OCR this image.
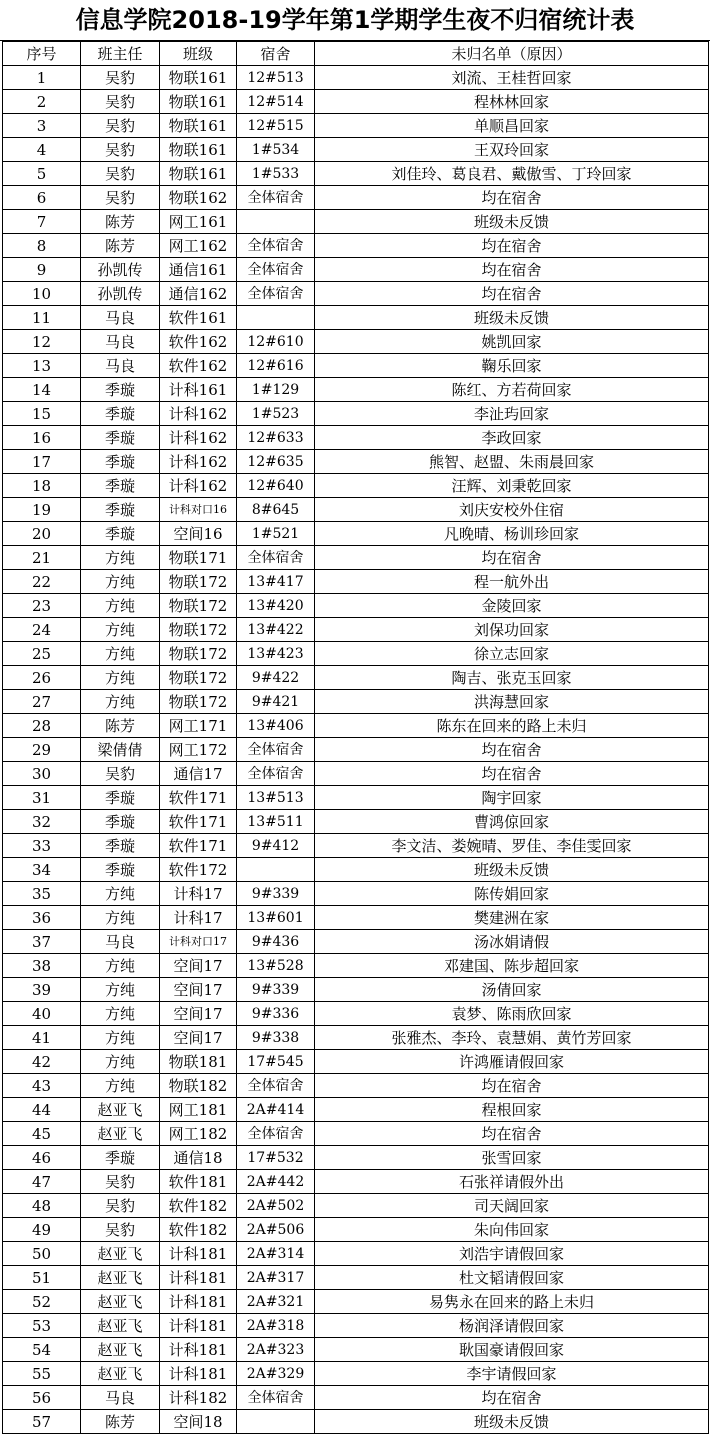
信息学院2018-19学年第1学期学生夜不归宿统计表
序号	班主任	班级	宿舍	未归名单（原因）
1	吴豹	物联161	12#513	刘流、王桂哲回家
2	吴豹	物联161	12#514	程林林回家
3	吴豹	物联161	12#515	单顺昌回家
4	吴豹	物联161	1#534	王双玲回家
5	吴豹	物联161	1#533	刘佳玲、葛良君、戴傲雪、丁玲回家
6	吴豹	物联162	全体宿舍	均在宿舍
7	陈芳	网工161		班级未反馈
8	陈芳	网工162	全体宿舍	均在宿舍
9	孙凯传	通信161	全体宿舍	均在宿舍
10	孙凯传	通信162	全体宿舍	均在宿舍
11	马良	软件161		班级未反馈
12	马良	软件162	12#610	姚凯回家
13	马良	软件162	12#616	鞠乐回家
14	季璇	计科161	1#129	陈红、方若荷回家
15	季璇	计科162	1#523	李沚玙回家
16	季璇	计科162	12#633	李政回家
17	季璇	计科162	12#635	熊智、赵盟、朱雨晨回家
18	季璇	计科162	12#640	汪辉、刘秉乾回家
19	季璇	计科对口16	8#645	刘庆安校外住宿
20	季璇	空间16	1#521	凡晚晴、杨训珍回家
21	方纯	物联171	全体宿舍	均在宿舍
22	方纯	物联172	13#417	程一航外出
23	方纯	物联172	13#420	金陵回家
24	方纯	物联172	13#422	刘保功回家
25	方纯	物联172	13#423	徐立志回家
26	方纯	物联172	9#422	陶吉、张克玉回家
27	方纯	物联172	9#421	洪海慧回家
28	陈芳	网工171	13#406	陈东在回来的路上未归
29	梁倩倩	网工172	全体宿舍	均在宿舍
30	吴豹	通信17	全体宿舍	均在宿舍
31	季璇	软件171	13#513	陶宇回家
32	季璇	软件171	13#511	曹鸿倞回家
33	季璇	软件171	9#412	李文洁、娄婉晴、罗佳、李佳雯回家
34	季璇	软件172		班级未反馈
35	方纯	计科17	9#339	陈传娟回家
36	方纯	计科17	13#601	樊建洲在家
37	马良	计科对口17	9#436	汤冰娟请假
38	方纯	空间17	13#528	邓建国、陈步超回家
39	方纯	空间17	9#339	汤倩回家
40	方纯	空间17	9#336	袁梦、陈雨欣回家
41	方纯	空间17	9#338	张雅杰、李玲、袁慧娟、黄竹芳回家
42	方纯	物联181	17#545	许鸿雁请假回家
43	方纯	物联182	全体宿舍	均在宿舍
44	赵亚飞	网工181	2A#414	程根回家
45	赵亚飞	网工182	全体宿舍	均在宿舍
46	季璇	通信18	17#532	张雪回家
47	吴豹	软件181	2A#442	石张祥请假外出
48	吴豹	软件182	2A#502	司天阔回家
49	吴豹	软件182	2A#506	朱向伟回家
50	赵亚飞	计科181	2A#314	刘浩宇请假回家
51	赵亚飞	计科181	2A#317	杜文韬请假回家
52	赵亚飞	计科181	2A#321	易隽永在回来的路上未归
53	赵亚飞	计科181	2A#318	杨润泽请假回家
54	赵亚飞	计科181	2A#323	耿国豪请假回家
55	赵亚飞	计科181	2A#329	李宇请假回家
56	马良	计科182	全体宿舍	均在宿舍
57	陈芳	空间18		班级未反馈
